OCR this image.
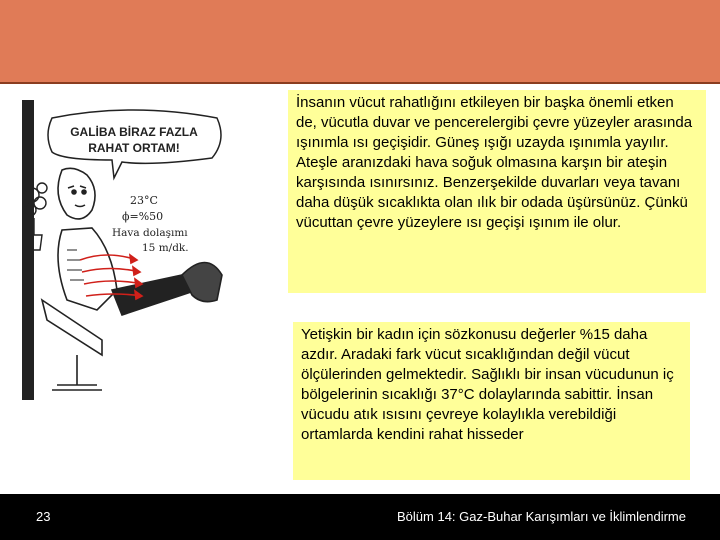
GALİBA BİRAZ FAZLA
RAHAT ORTAM!
23°C
ϕ=%50
Hava dolaşımı
15 m/dk.
İnsanın vücut rahatlığını etkileyen bir başka önemli etken de, vücutla duvar ve pencerelergibi çevre yüzeyler arasında ışınımla ısı geçişidir. Güneş ışığı uzayda ışınımla yayılır. Ateşle aranızdaki hava soğuk olmasına karşın bir ateşin karşısında ısınırsınız. Benzerşekilde duvarları veya tavanı daha düşük sıcaklıkta olan ılık bir odada üşürsünüz. Çünkü vücuttan çevre yüzeylere ısı geçişi ışınım ile olur.
Yetişkin bir kadın için sözkonusu değerler %15 daha azdır. Aradaki fark vücut sıcaklığından değil vücut ölçülerinden gelmektedir. Sağlıklı bir insan vücudunun iç bölgelerinin sıcaklığı 37°C dolaylarında sabittir. İnsan vücudu atık ısısını çevreye kolaylıkla verebildiği ortamlarda kendini rahat hisseder
23	Bölüm 14: Gaz-Buhar Karışımları ve İklimlendirme
